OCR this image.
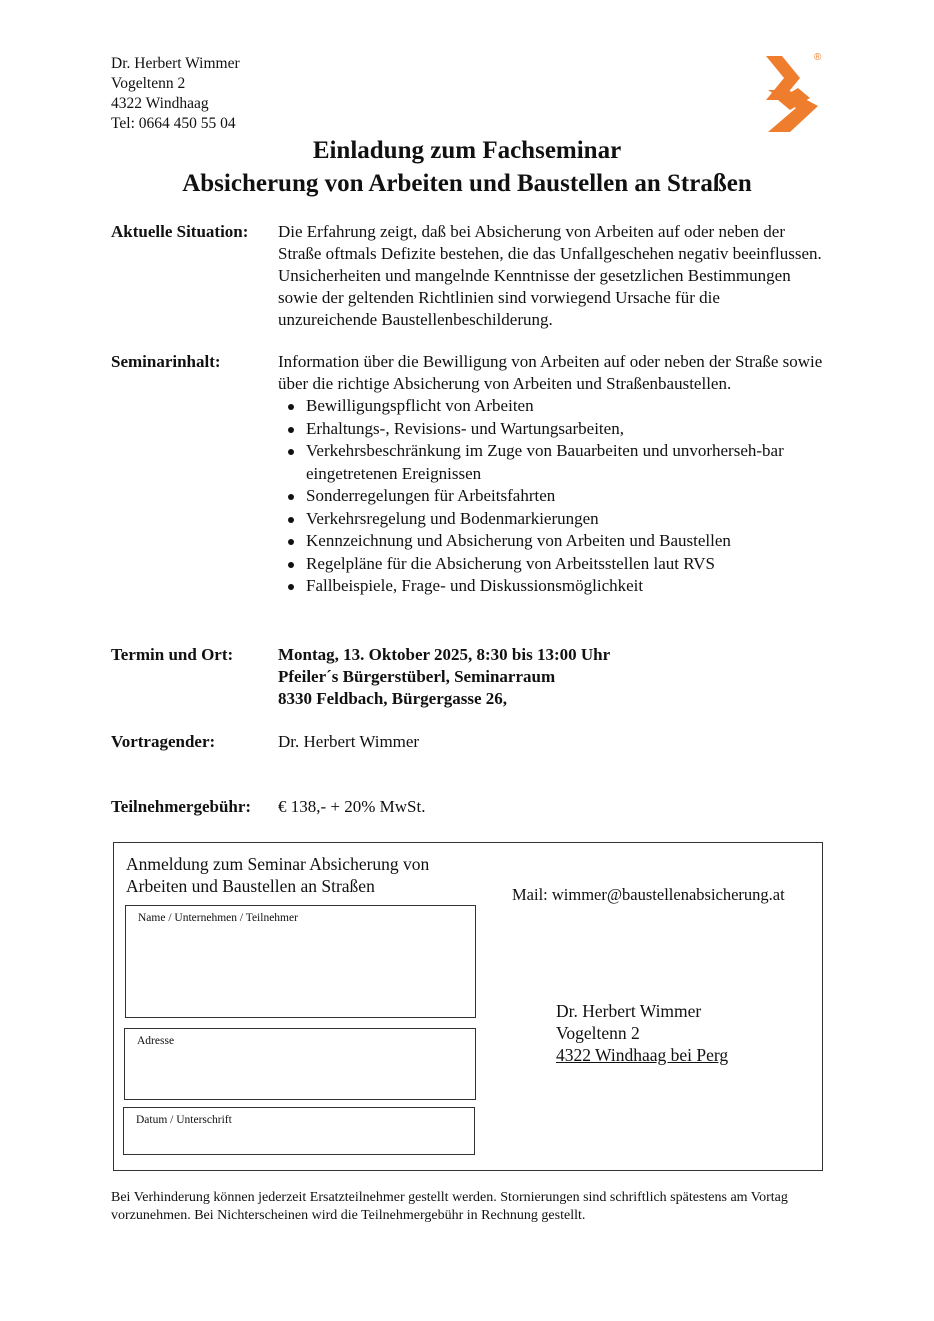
Dr. Herbert Wimmer
Vogeltenn 2
4322 Windhaag
Tel: 0664 450 55 04
®
Einladung zum Fachseminar
Absicherung von Arbeiten und Baustellen an Straßen
Aktuelle Situation: Die Erfahrung zeigt, daß bei Absicherung von Arbeiten auf oder neben der Straße oftmals Defizite bestehen, die das Unfallgeschehen negativ beeinflussen. Unsicherheiten und mangelnde Kenntnisse der gesetzlichen Bestimmungen sowie der geltenden Richtlinien sind vorwiegend Ursache für die unzureichende Baustellenbeschilderung.
Seminarinhalt:	Information über die Bewilligung von Arbeiten auf oder neben der Straße sowie über die richtige Absicherung von Arbeiten und Straßenbaustellen.
Bewilligungspflicht von Arbeiten
Erhaltungs-, Revisions- und Wartungsarbeiten,
Verkehrsbeschränkung im Zuge von Bauarbeiten und unvorherseh-bar eingetretenen Ereignissen
Sonderregelungen für Arbeitsfahrten
Verkehrsregelung und Bodenmarkierungen
Kennzeichnung und Absicherung von Arbeiten und Baustellen
Regelpläne für die Absicherung von Arbeitsstellen laut RVS
Fallbeispiele, Frage- und Diskussionsmöglichkeit
Termin und Ort:	Montag, 13. Oktober 2025, 8:30 bis 13:00 Uhr
Pfeiler´s Bürgerstüberl, Seminarraum
8330 Feldbach, Bürgergasse 26,
Vortragender:	Dr. Herbert Wimmer
Teilnehmergebühr: € 138,- + 20% MwSt.
Anmeldung zum Seminar Absicherung von
Arbeiten und Baustellen an Straßen	Mail: wimmer@baustellenabsicherung.at
Name / Unternehmen / Teilnehmer
Adresse
Datum / Unterschrift
Dr. Herbert Wimmer
Vogeltenn 2
4322 Windhaag bei Perg
Bei Verhinderung können jederzeit Ersatzteilnehmer gestellt werden. Stornierungen sind schriftlich spätestens am Vortag vorzunehmen. Bei Nichterscheinen wird die Teilnehmergebühr in Rechnung gestellt.
